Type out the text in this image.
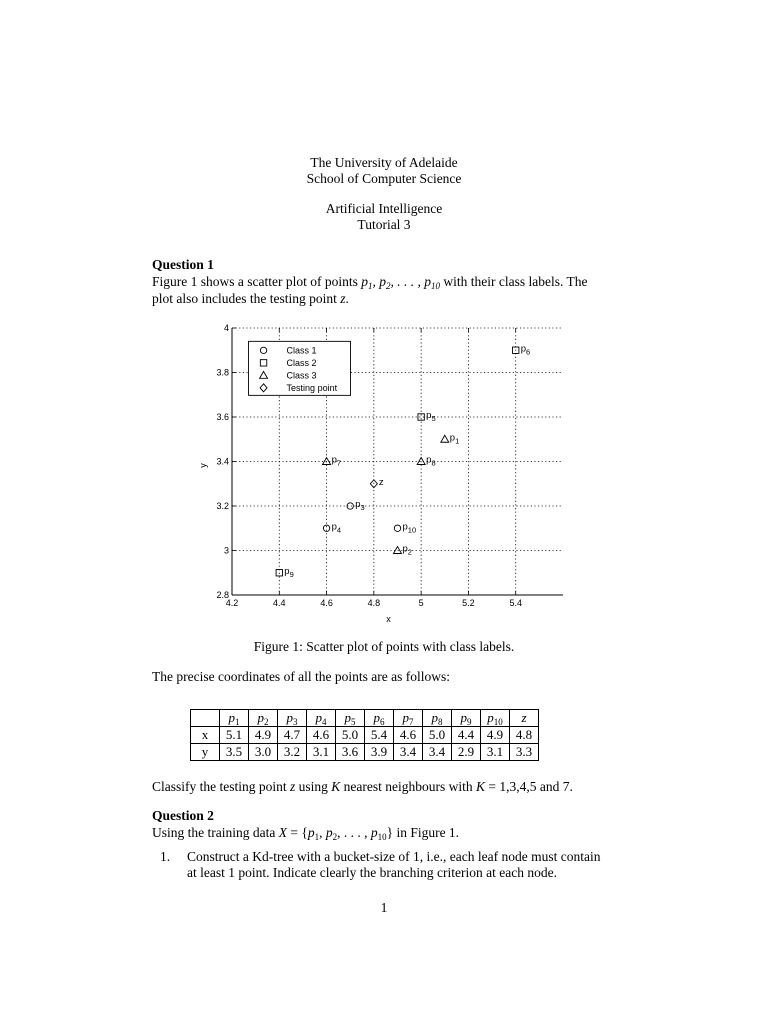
The University of Adelaide
School of Computer Science
Artificial Intelligence
Tutorial 3
Question 1
Figure 1 shows a scatter plot of points $p_1$, $p_2$, . . . , $p_{10}$ with their class labels. The
plot also includes the testing point z.
4.2	4.4	4.6	4.8	5	5.2	5.4
2.8
3
3.2
3.4
3.6
3.8
4
x
y
$p_1$
$p_2$
$p_3$
$p_4$
$p_5$
$p_6$
$p_7$	$p_8$
$p_9$
$p_{10}$
z
Class 1
Class 2
Class 3
Testing point
Figure 1: Scatter plot of points with class labels.
The precise coordinates of all the points are as follows:
	$p_1$	$p_2$	$p_3$	$p_4$	$p_5$	$p_6$	$p_7$	$p_8$	$p_9$	$p_{10}$	z
x	5.1	4.9	4.7	4.6	5.0	5.4	4.6	5.0	4.4	4.9	4.8
y	3.5	3.0	3.2	3.1	3.6	3.9	3.4	3.4	2.9	3.1	3.3
Classify the testing point z using K nearest neighbours with K = 1,3,4,5 and 7.
Question 2
Using the training data $X = \{p_1$, $p_2$, . . . , $p_{10}$} in Figure 1.
1. Construct a Kd-tree with a bucket-size of 1, i.e., each leaf node must contain
at least 1 point. Indicate clearly the branching criterion at each node.
1
